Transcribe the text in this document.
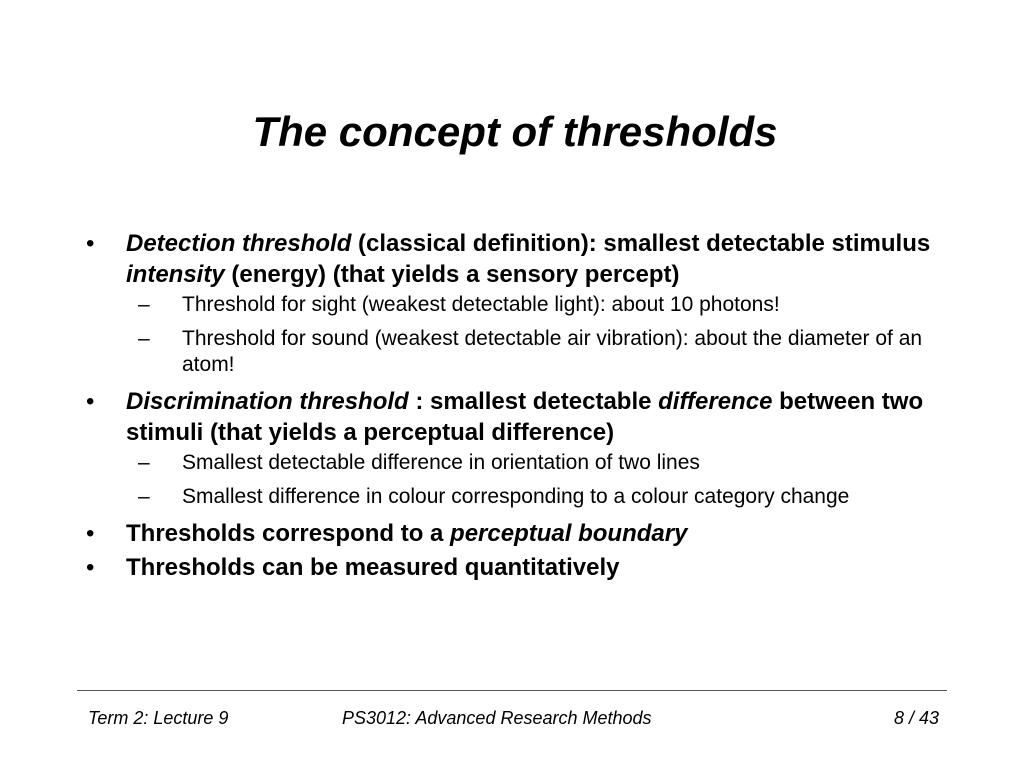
The concept of thresholds
• Detection threshold (classical definition): smallest detectable stimulus intensity (energy) (that yields a sensory percept)
– Threshold for sight (weakest detectable light): about 10 photons!
– Threshold for sound (weakest detectable air vibration): about the diameter of an atom!
• Discrimination threshold : smallest detectable difference between two stimuli (that yields a perceptual difference)
– Smallest detectable difference in orientation of two lines
– Smallest difference in colour corresponding to a colour category change
• Thresholds correspond to a perceptual boundary
• Thresholds can be measured quantitatively
Term 2: Lecture 9	PS3012: Advanced Research Methods	8 / 43
